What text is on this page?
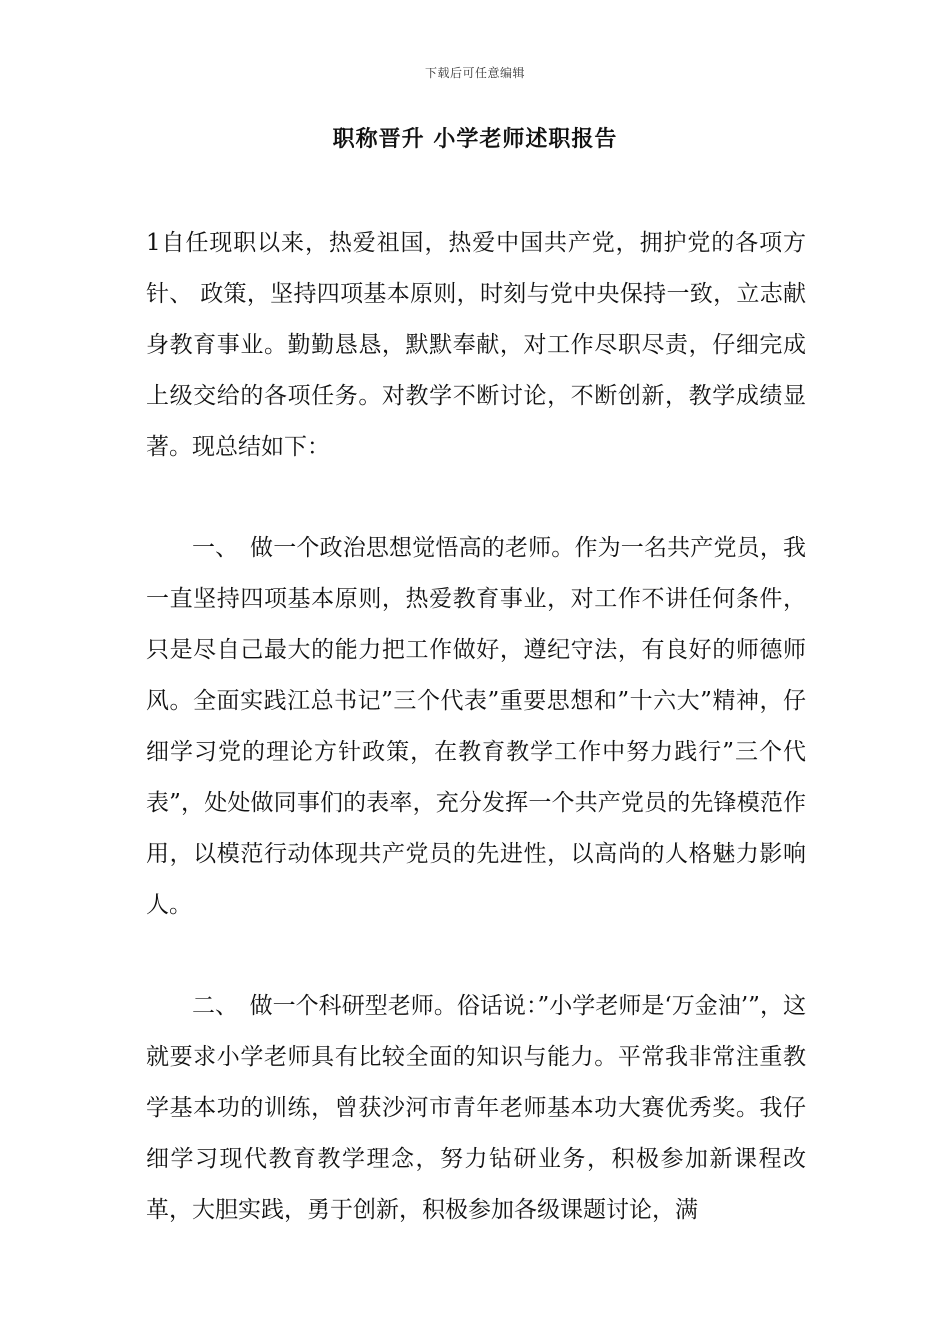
下载后可任意编辑
职称晋升 小学老师述职报告

1自任现职以来，热爱祖国，热爱中国共产党，拥护党的各项方针、 政策，坚持四项基本原则，时刻与党中央保持一致，立志献身教育事业。勤勤恳恳，默默奉献，对工作尽职尽责，仔细完成上级交给的各项任务。对教学不断讨论，不断创新，教学成绩显著。现总结如下：

一、　做一个政治思想觉悟高的老师。作为一名共产党员，我一直坚持四项基本原则，热爱教育事业，对工作不讲任何条件，只是尽自己最大的能力把工作做好，遵纪守法，有良好的师德师风。全面实践江总书记”三个代表”重要思想和”十六大”精神，仔细学习党的理论方针政策，在教育教学工作中努力践行”三个代表”，处处做同事们的表率，充分发挥一个共产党员的先锋模范作用，以模范行动体现共产党员的先进性，以高尚的人格魅力影响人。

二、　做一个科研型老师。俗话说：”小学老师是‘万金油’”，这就要求小学老师具有比较全面的知识与能力。平常我非常注重教学基本功的训练，曾获沙河市青年老师基本功大赛优秀奖。我仔细学习现代教育教学理念，努力钻研业务，积极参加新课程改革，大胆实践，勇于创新，积极参加各级课题讨论，满
